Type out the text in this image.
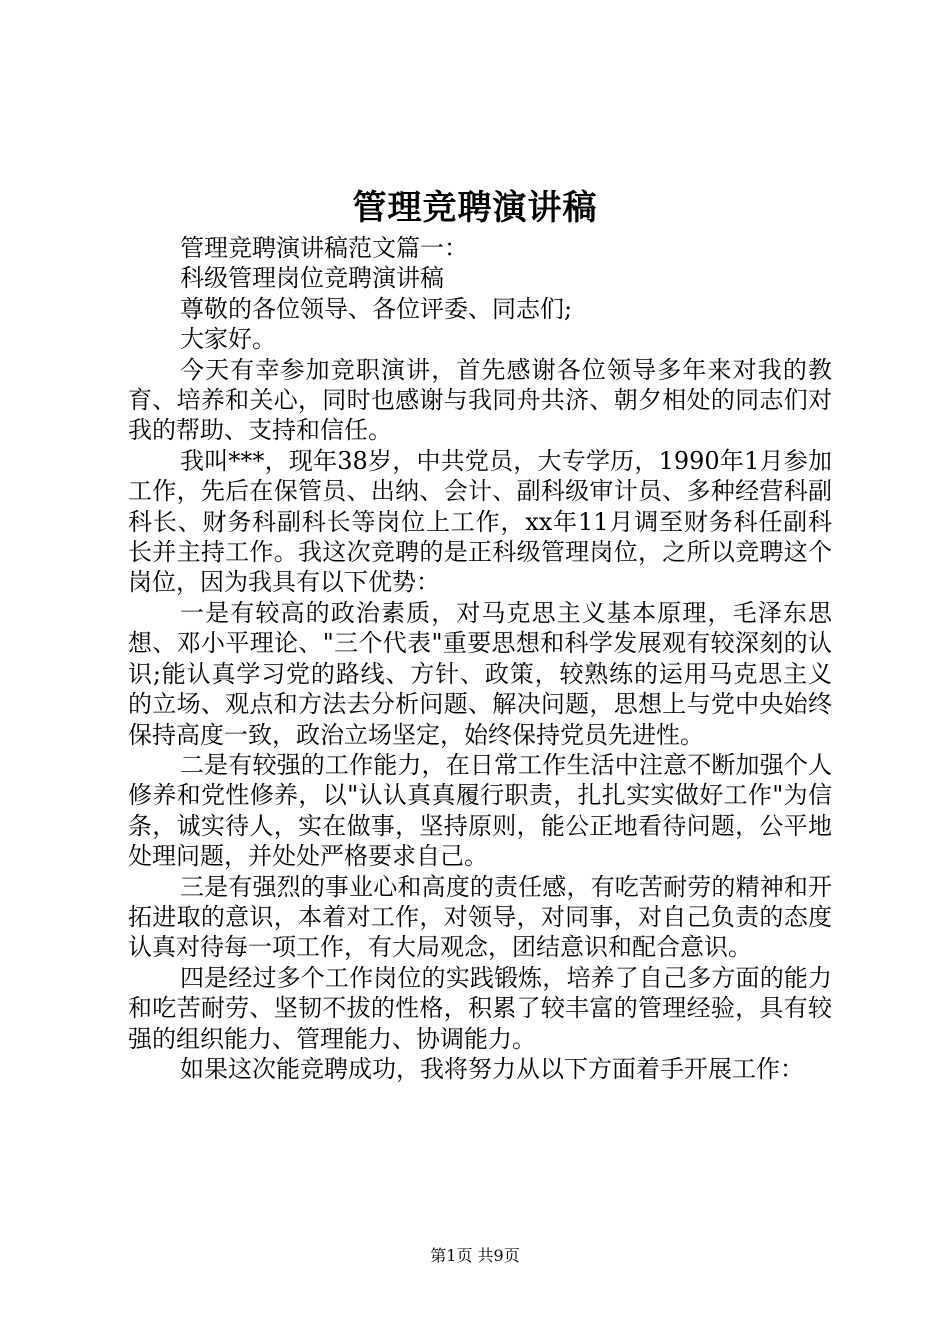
管理竞聘演讲稿

管理竞聘演讲稿范文篇一：

科级管理岗位竞聘演讲稿

尊敬的各位领导、各位评委、同志们;

大家好。

今天有幸参加竞职演讲，首先感谢各位领导多年来对我的教育、培养和关心，同时也感谢与我同舟共济、朝夕相处的同志们对我的帮助、支持和信任。

我叫***，现年38岁，中共党员，大专学历，1990年1月参加工作，先后在保管员、出纳、会计、副科级审计员、多种经营科副科长、财务科副科长等岗位上工作，xx年11月调至财务科任副科长并主持工作。我这次竞聘的是正科级管理岗位，之所以竞聘这个岗位，因为我具有以下优势：

一是有较高的政治素质，对马克思主义基本原理，毛泽东思想、邓小平理论、"三个代表"重要思想和科学发展观有较深刻的认识;能认真学习党的路线、方针、政策，较熟练的运用马克思主义的立场、观点和方法去分析问题、解决问题，思想上与党中央始终保持高度一致，政治立场坚定，始终保持党员先进性。

二是有较强的工作能力，在日常工作生活中注意不断加强个人修养和党性修养，以"认认真真履行职责，扎扎实实做好工作"为信条，诚实待人，实在做事，坚持原则，能公正地看待问题，公平地处理问题，并处处严格要求自己。

三是有强烈的事业心和高度的责任感，有吃苦耐劳的精神和开拓进取的意识，本着对工作，对领导，对同事，对自己负责的态度认真对待每一项工作，有大局观念，团结意识和配合意识。

四是经过多个工作岗位的实践锻炼，培养了自己多方面的能力和吃苦耐劳、坚韧不拔的性格，积累了较丰富的管理经验，具有较强的组织能力、管理能力、协调能力。

如果这次能竞聘成功，我将努力从以下方面着手开展工作：

第1页 共9页
